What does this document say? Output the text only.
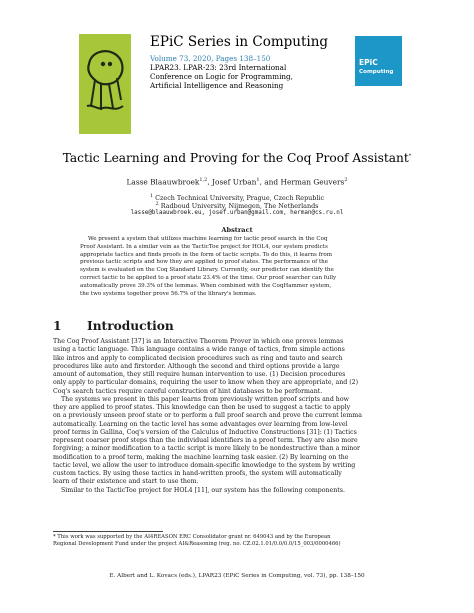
EPiC Series in Computing
Volume 73, 2020, Pages 138–150
LPAR23. LPAR-23: 23rd International
Conference on Logic for Programming,
Artificial Intelligence and Reasoning
EPiC
Computing
Tactic Learning and Proving for the Coq Proof Assistant*
Lasse Blaauwbroek$^{1,2}$, Josef Urban$^1$, and Herman Geuvers$^2$
$^1$ Czech Technical University, Prague, Czech Republic
$^2$ Radboud University, Nijmegen, The Netherlands
lasse@blaauwbroek.eu, josef.urban@gmail.com, herman@cs.ru.nl
Abstract
We present a system that utilizes machine learning for tactic proof search in the Coq
Proof Assistant. In a similar vein as the TacticToe project for HOL4, our system predicts
appropriate tactics and finds proofs in the form of tactic scripts. To do this, it learns from
previous tactic scripts and how they are applied to proof states. The performance of the
system is evaluated on the Coq Standard Library. Currently, our predictor can identify the
correct tactic to be applied to a proof state 23.4% of the time. Our proof searcher can fully
automatically prove 39.3% of the lemmas. When combined with the CoqHammer system,
the two systems together prove 56.7% of the library's lemmas.
1 Introduction
The Coq Proof Assistant [37] is an Interactive Theorem Prover in which one proves lemmas
using a tactic language. This language contains a wide range of tactics, from simple actions
like intros and apply to complicated decision procedures such as ring and tauto and search
procedures like auto and firstorder. Although the second and third options provide a large
amount of automation, they still require human intervention to use. (1) Decision procedures
only apply to particular domains, requiring the user to know when they are appropriate, and (2)
Coq's search tactics require careful construction of hint databases to be performant.
The systems we present in this paper learns from previously written proof scripts and how
they are applied to proof states. This knowledge can then be used to suggest a tactic to apply
on a previously unseen proof state or to perform a full proof search and prove the current lemma
automatically. Learning on the tactic level has some advantages over learning from low-level
proof terms in Gallina, Coq's version of the Calculus of Inductive Constructions [31]: (1) Tactics
represent coarser proof steps than the individual identifiers in a proof term. They are also more
forgiving; a minor modification to a tactic script is more likely to be nondestructive than a minor
modification to a proof term, making the machine learning task easier. (2) By learning on the
tactic level, we allow the user to introduce domain-specific knowledge to the system by writing
custom tactics. By using these tactics in hand-written proofs, the system will automatically
learn of their existence and start to use them.
Similar to the TacticToe project for HOL4 [11], our system has the following components.
* This work was supported by the AI4REASON ERC Consolidator grant nr. 649043 and by the European
Regional Development Fund under the project AI&Reasoning (reg. no. CZ.02.1.01/0.0/0.0/15_003/0000466)
E. Albert and L. Kovacs (eds.), LPAR23 (EPiC Series in Computing, vol. 73), pp. 138–150
